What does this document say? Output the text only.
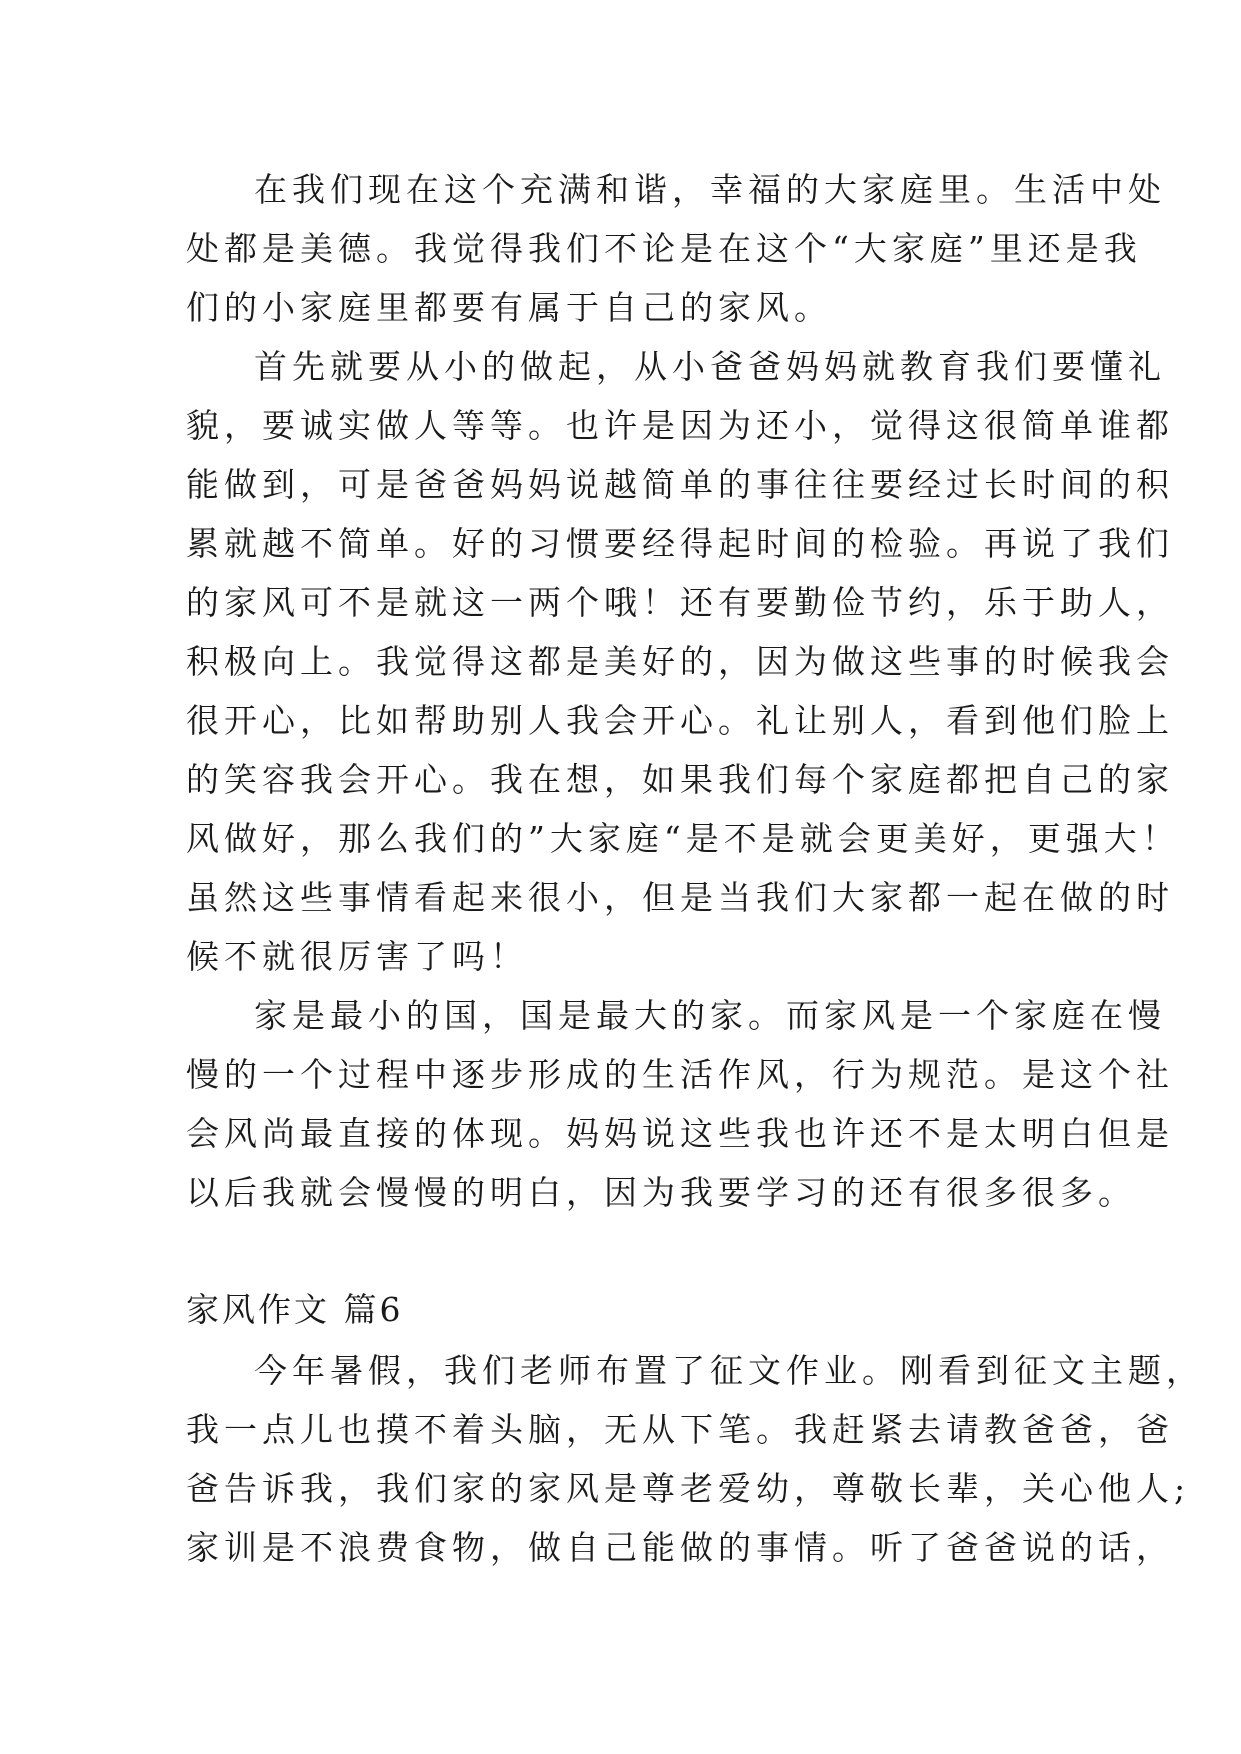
在我们现在这个充满和谐，幸福的大家庭里。生活中处
处都是美德。我觉得我们不论是在这个“大家庭”里还是我
们的小家庭里都要有属于自己的家风。
首先就要从小的做起，从小爸爸妈妈就教育我们要懂礼
貌，要诚实做人等等。也许是因为还小，觉得这很简单谁都
能做到，可是爸爸妈妈说越简单的事往往要经过长时间的积
累就越不简单。好的习惯要经得起时间的检验。再说了我们
的家风可不是就这一两个哦！还有要勤俭节约，乐于助人，
积极向上。我觉得这都是美好的，因为做这些事的时候我会
很开心，比如帮助别人我会开心。礼让别人，看到他们脸上
的笑容我会开心。我在想，如果我们每个家庭都把自己的家
风做好，那么我们的”大家庭“是不是就会更美好，更强大！
虽然这些事情看起来很小，但是当我们大家都一起在做的时
候不就很厉害了吗！
家是最小的国，国是最大的家。而家风是一个家庭在慢
慢的一个过程中逐步形成的生活作风，行为规范。是这个社
会风尚最直接的体现。妈妈说这些我也许还不是太明白但是
以后我就会慢慢的明白，因为我要学习的还有很多很多。
家风作文 篇6
今年暑假，我们老师布置了征文作业。刚看到征文主题，
我一点儿也摸不着头脑，无从下笔。我赶紧去请教爸爸，爸
爸告诉我，我们家的家风是尊老爱幼，尊敬长辈，关心他人;
家训是不浪费食物，做自己能做的事情。听了爸爸说的话，
